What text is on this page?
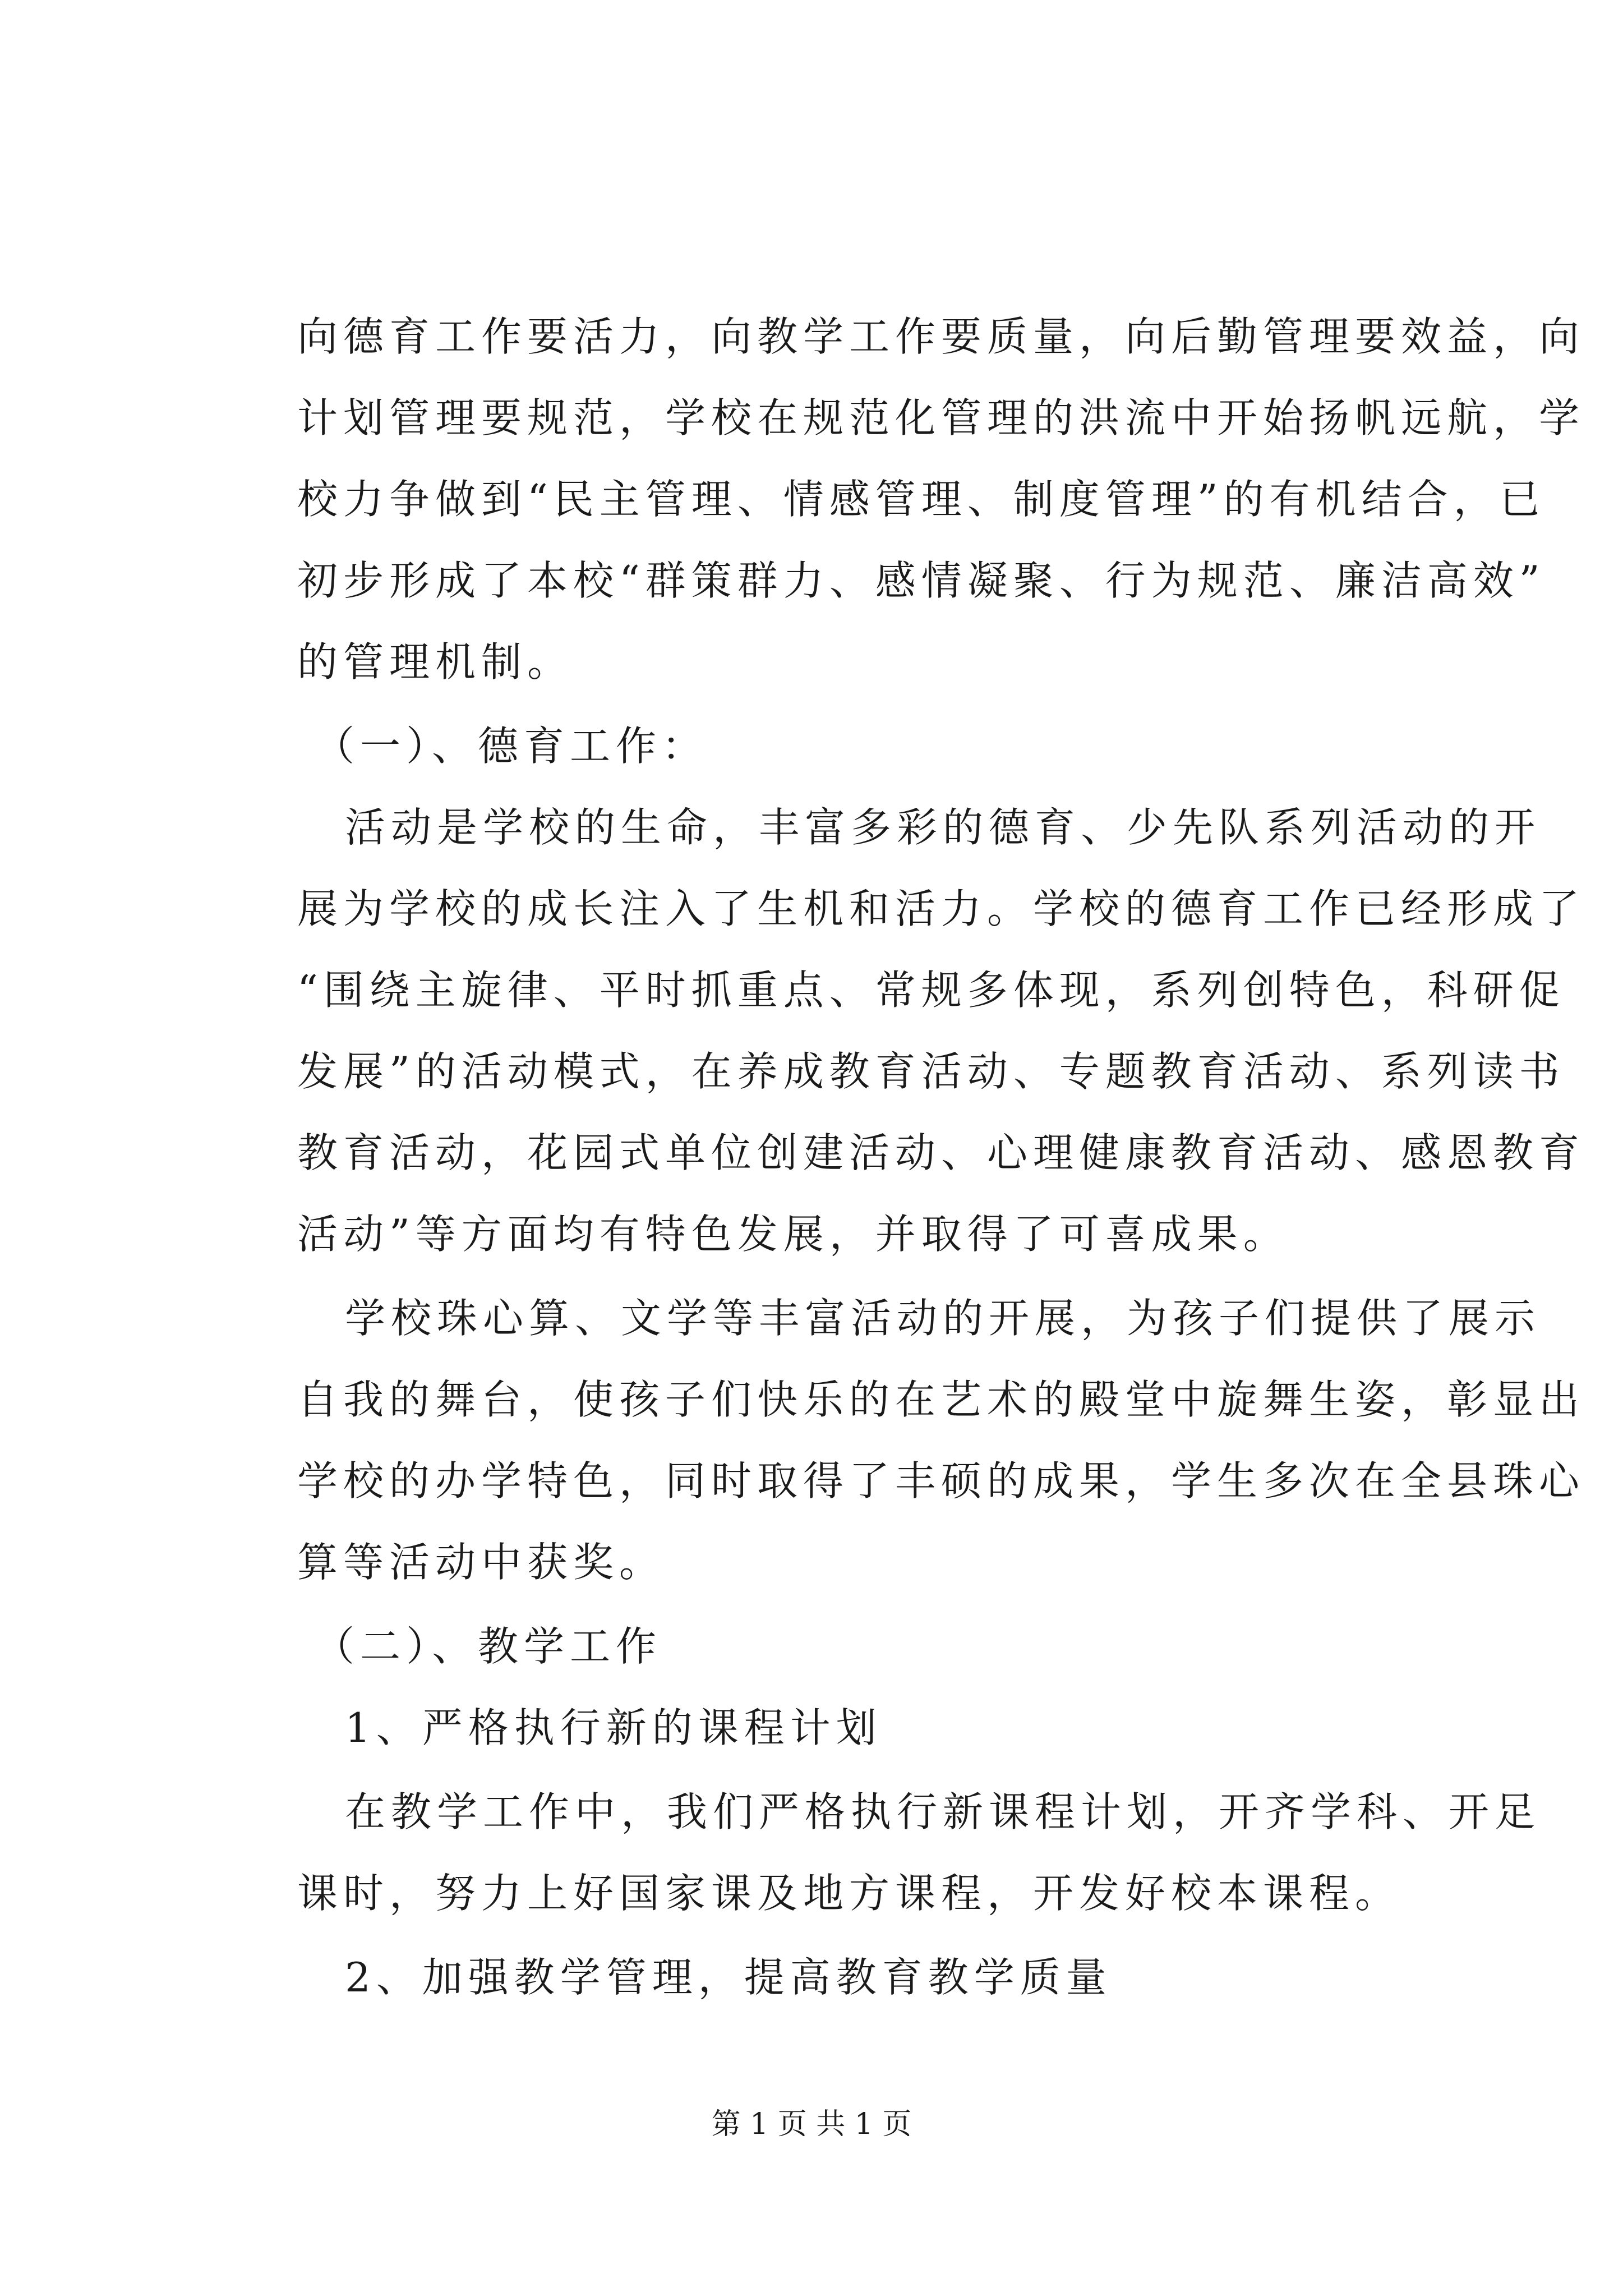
向德育工作要活力，向教学工作要质量，向后勤管理要效益，向
计划管理要规范，学校在规范化管理的洪流中开始扬帆远航，学
校力争做到“民主管理、情感管理、制度管理”的有机结合，已
初步形成了本校“群策群力、感情凝聚、行为规范、廉洁高效”
的管理机制。
（一）、德育工作：
活动是学校的生命，丰富多彩的德育、少先队系列活动的开
展为学校的成长注入了生机和活力。学校的德育工作已经形成了
“围绕主旋律、平时抓重点、常规多体现，系列创特色，科研促
发展”的活动模式，在养成教育活动、专题教育活动、系列读书
教育活动，花园式单位创建活动、心理健康教育活动、感恩教育
活动”等方面均有特色发展，并取得了可喜成果。
学校珠心算、文学等丰富活动的开展，为孩子们提供了展示
自我的舞台，使孩子们快乐的在艺术的殿堂中旋舞生姿，彰显出
学校的办学特色，同时取得了丰硕的成果，学生多次在全县珠心
算等活动中获奖。
（二）、教学工作
1、严格执行新的课程计划
在教学工作中，我们严格执行新课程计划，开齐学科、开足
课时，努力上好国家课及地方课程，开发好校本课程。
2、加强教学管理，提高教育教学质量
第 1 页 共 1 页
